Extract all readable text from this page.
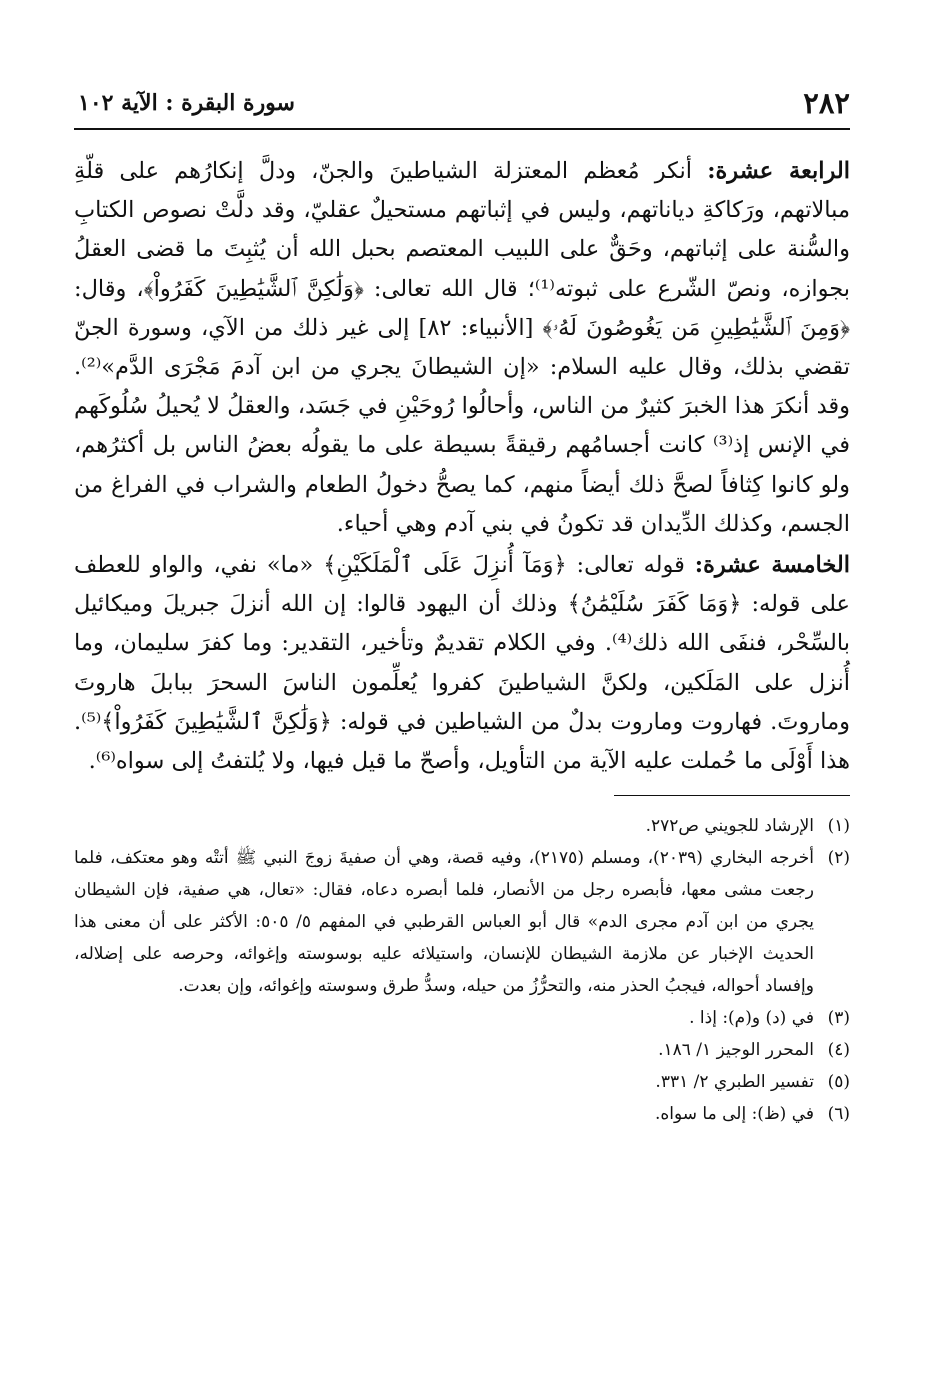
٢٨٢
سورة البقرة : الآية ١٠٢

الرابعة عشرة: أنكر مُعظم المعتزلة الشياطينَ والجنّ، ودلَّ إنكارُهم على قلّةِ مبالاتهم، ورَكاكةِ دياناتهم، وليس في إثباتهم مستحيلٌ عقليّ، وقد دلَّتْ نصوص الكتابِ والسُّنة على إثباتهم، وحَقٌّ على اللبيب المعتصم بحبل الله أن يُثبِتَ ما قضى العقلُ بجوازه، ونصّ الشّرع على ثبوته⁽¹⁾؛ قال الله تعالى: ﴿وَلَٰكِنَّ ٱلشَّيَٰطِينَ كَفَرُواْ﴾، وقال: ﴿وَمِنَ ٱلشَّيَٰطِينِ مَن يَغُوصُونَ لَهُۥ﴾ [الأنبياء: ٨٢] إلى غير ذلك من الآي، وسورة الجنّ تقضي بذلك، وقال عليه السلام: «إن الشيطانَ يجري من ابن آدمَ مَجْرَى الدَّم»⁽²⁾. وقد أنكرَ هذا الخبرَ كثيرٌ من الناس، وأحالُوا رُوحَيْنِ في جَسَد، والعقلُ لا يُحيلُ سُلُوكَهم في الإنس إذ⁽³⁾ كانت أجسامُهم رقيقةً بسيطة على ما يقولُه بعضُ الناس بل أكثرُهم، ولو كانوا كِثافاً لصحَّ ذلك أيضاً منهم، كما يصحُّ دخولُ الطعام والشراب في الفراغ من الجسم، وكذلك الدِّيدان قد تكونُ في بني آدم وهي أحياء.

الخامسة عشرة: قوله تعالى: ﴿وَمَآ أُنزِلَ عَلَى ٱلْمَلَكَيْنِ﴾ «ما» نفي، والواو للعطف على قوله: ﴿وَمَا كَفَرَ سُلَيْمَٰنُ﴾ وذلك أن اليهود قالوا: إن الله أنزلَ جبريلَ وميكائيل بالسِّحْر، فنفَى الله ذلك⁽⁴⁾. وفي الكلام تقديمٌ وتأخير، التقدير: وما كفرَ سليمان، وما أُنزل على المَلَكين، ولكنَّ الشياطينَ كفروا يُعلِّمون الناسَ السحرَ ببابلَ هاروتَ وماروتَ. فهاروت وماروت بدلٌ من الشياطين في قوله: ﴿وَلَٰكِنَّ ٱلشَّيَٰطِينَ كَفَرُواْ﴾⁽⁵⁾. هذا أَوْلَى ما حُملت عليه الآية من التأويل، وأصحّ ما قيل فيها، ولا يُلتفتُ إلى سواه⁽⁶⁾.

(١)
الإرشاد للجويني ص٢٧٢.
(٢)
أخرجه البخاري (٢٠٣٩)، ومسلم (٢١٧٥)، وفيه قصة، وهي أن صفيةَ زوجَ النبي ﷺ أتتْه وهو معتكف، فلما رجعت مشى معها، فأبصره رجل من الأنصار، فلما أبصره دعاه، فقال: «تعال، هي صفية، فإن الشيطان يجري من ابن آدم مجرى الدم» قال أبو العباس القرطبي في المفهم ٥/ ٥٠٥: الأكثر على أن معنى هذا الحديث الإخبار عن ملازمة الشيطان للإنسان، واستيلائه عليه بوسوسته وإغوائه، وحرصه على إضلاله، وإفساد أحواله، فيجبُ الحذر منه، والتحرُّزُ من حيله، وسدُّ طرق وسوسته وإغوائه، وإن بعدت.
(٣)
في (د) و(م): إذا .
(٤)
المحرر الوجيز ١/ ١٨٦.
(٥)
تفسير الطبري ٢/ ٣٣١.
(٦)
في (ظ): إلى ما سواه.
